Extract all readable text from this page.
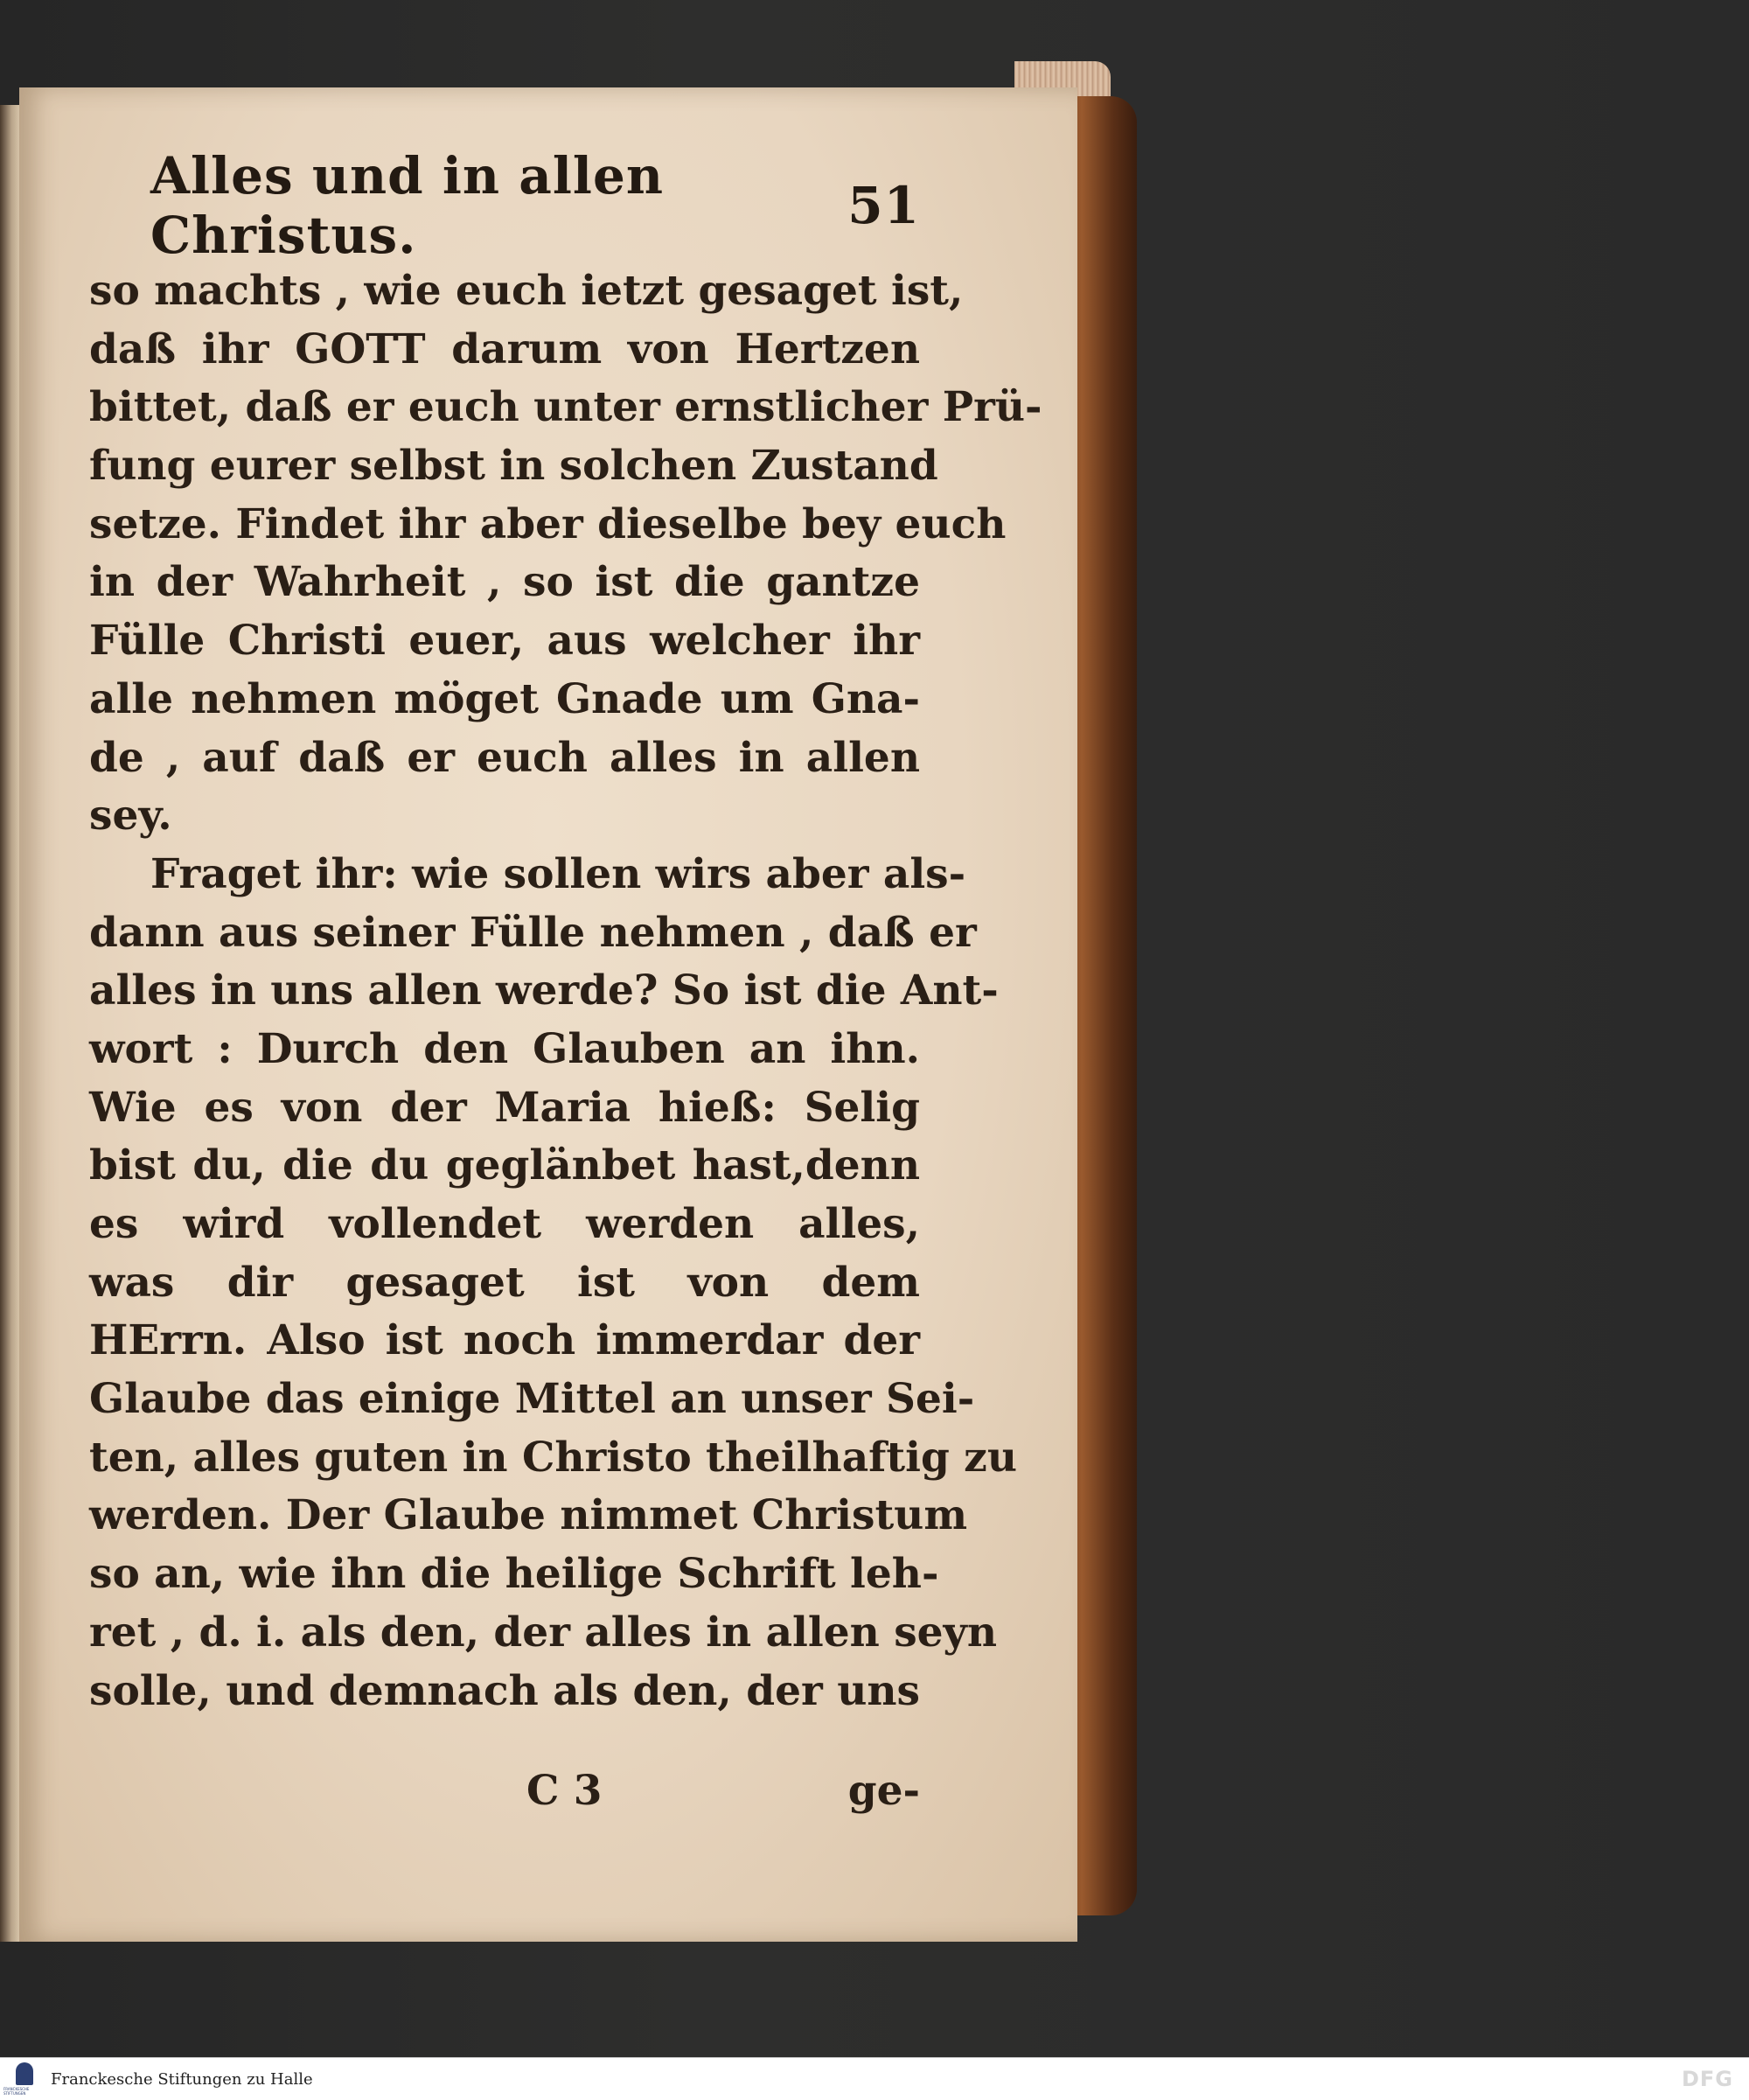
Alles und in allen Christus.	51
so machts , wie euch ietzt gesaget ist,
daß ihr GOTT darum von Hertzen
bittet, daß er euch unter ernstlicher Prü-
fung eurer selbst in solchen Zustand
setze. Findet ihr aber dieselbe bey euch
in der Wahrheit , so ist die gantze
Fülle Christi euer, aus welcher ihr
alle nehmen möget Gnade um Gna-
de , auf daß er euch alles in allen
sey.
Fraget ihr: wie sollen wirs aber als-
dann aus seiner Fülle nehmen , daß er
alles in uns allen werde? So ist die Ant-
wort : Durch den Glauben an ihn.
Wie es von der Maria hieß: Selig
bist du, die du geglänbet hast,denn
es wird vollendet werden alles,
was dir gesaget ist von dem
HErrn. Also ist noch immerdar der
Glaube das einige Mittel an unser Sei-
ten, alles guten in Christo theilhaftig zu
werden. Der Glaube nimmet Christum
so an, wie ihn die heilige Schrift leh-
ret , d. i. als den, der alles in allen seyn
solle, und demnach als den, der uns
C 3	ge-
FRANCKESCHE STIFTUNGEN
Franckesche Stiftungen zu Halle	DFG
